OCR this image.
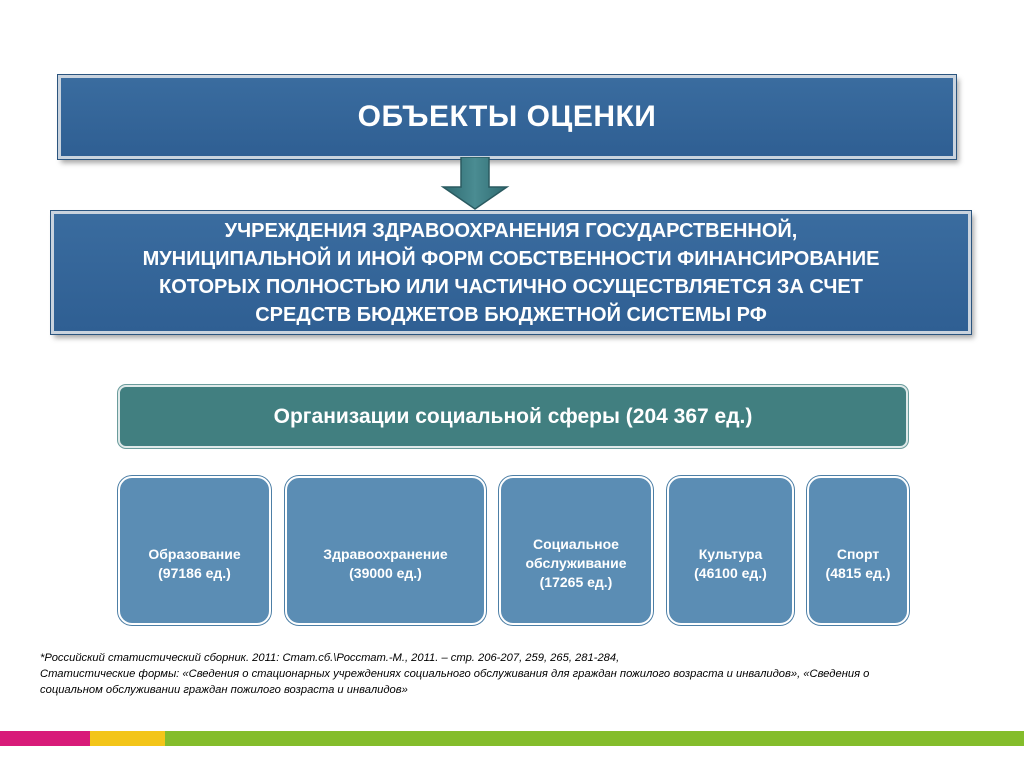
ОБЪЕКТЫ ОЦЕНКИ
УЧРЕЖДЕНИЯ ЗДРАВООХРАНЕНИЯ ГОСУДАРСТВЕННОЙ,
МУНИЦИПАЛЬНОЙ И ИНОЙ ФОРМ СОБСТВЕННОСТИ ФИНАНСИРОВАНИЕ
КОТОРЫХ ПОЛНОСТЬЮ ИЛИ ЧАСТИЧНО ОСУЩЕСТВЛЯЕТСЯ ЗА СЧЕТ
СРЕДСТВ БЮДЖЕТОВ БЮДЖЕТНОЙ СИСТЕМЫ РФ
Организации социальной сферы (204 367 ед.)
Образование
(97186 ед.)
Здравоохранение
(39000 ед.)
Социальное
обслуживание
(17265 ед.)
Культура
(46100 ед.)
Спорт
(4815 ед.)
*Российский статистический сборник. 2011: Стат.сб.\Росстат.-М., 2011. – стр. 206-207, 259, 265, 281-284,
Статистические формы: «Сведения о стационарных учреждениях социального обслуживания для граждан пожилого возраста и инвалидов», «Сведения о
социальном обслуживании граждан пожилого возраста и инвалидов»
